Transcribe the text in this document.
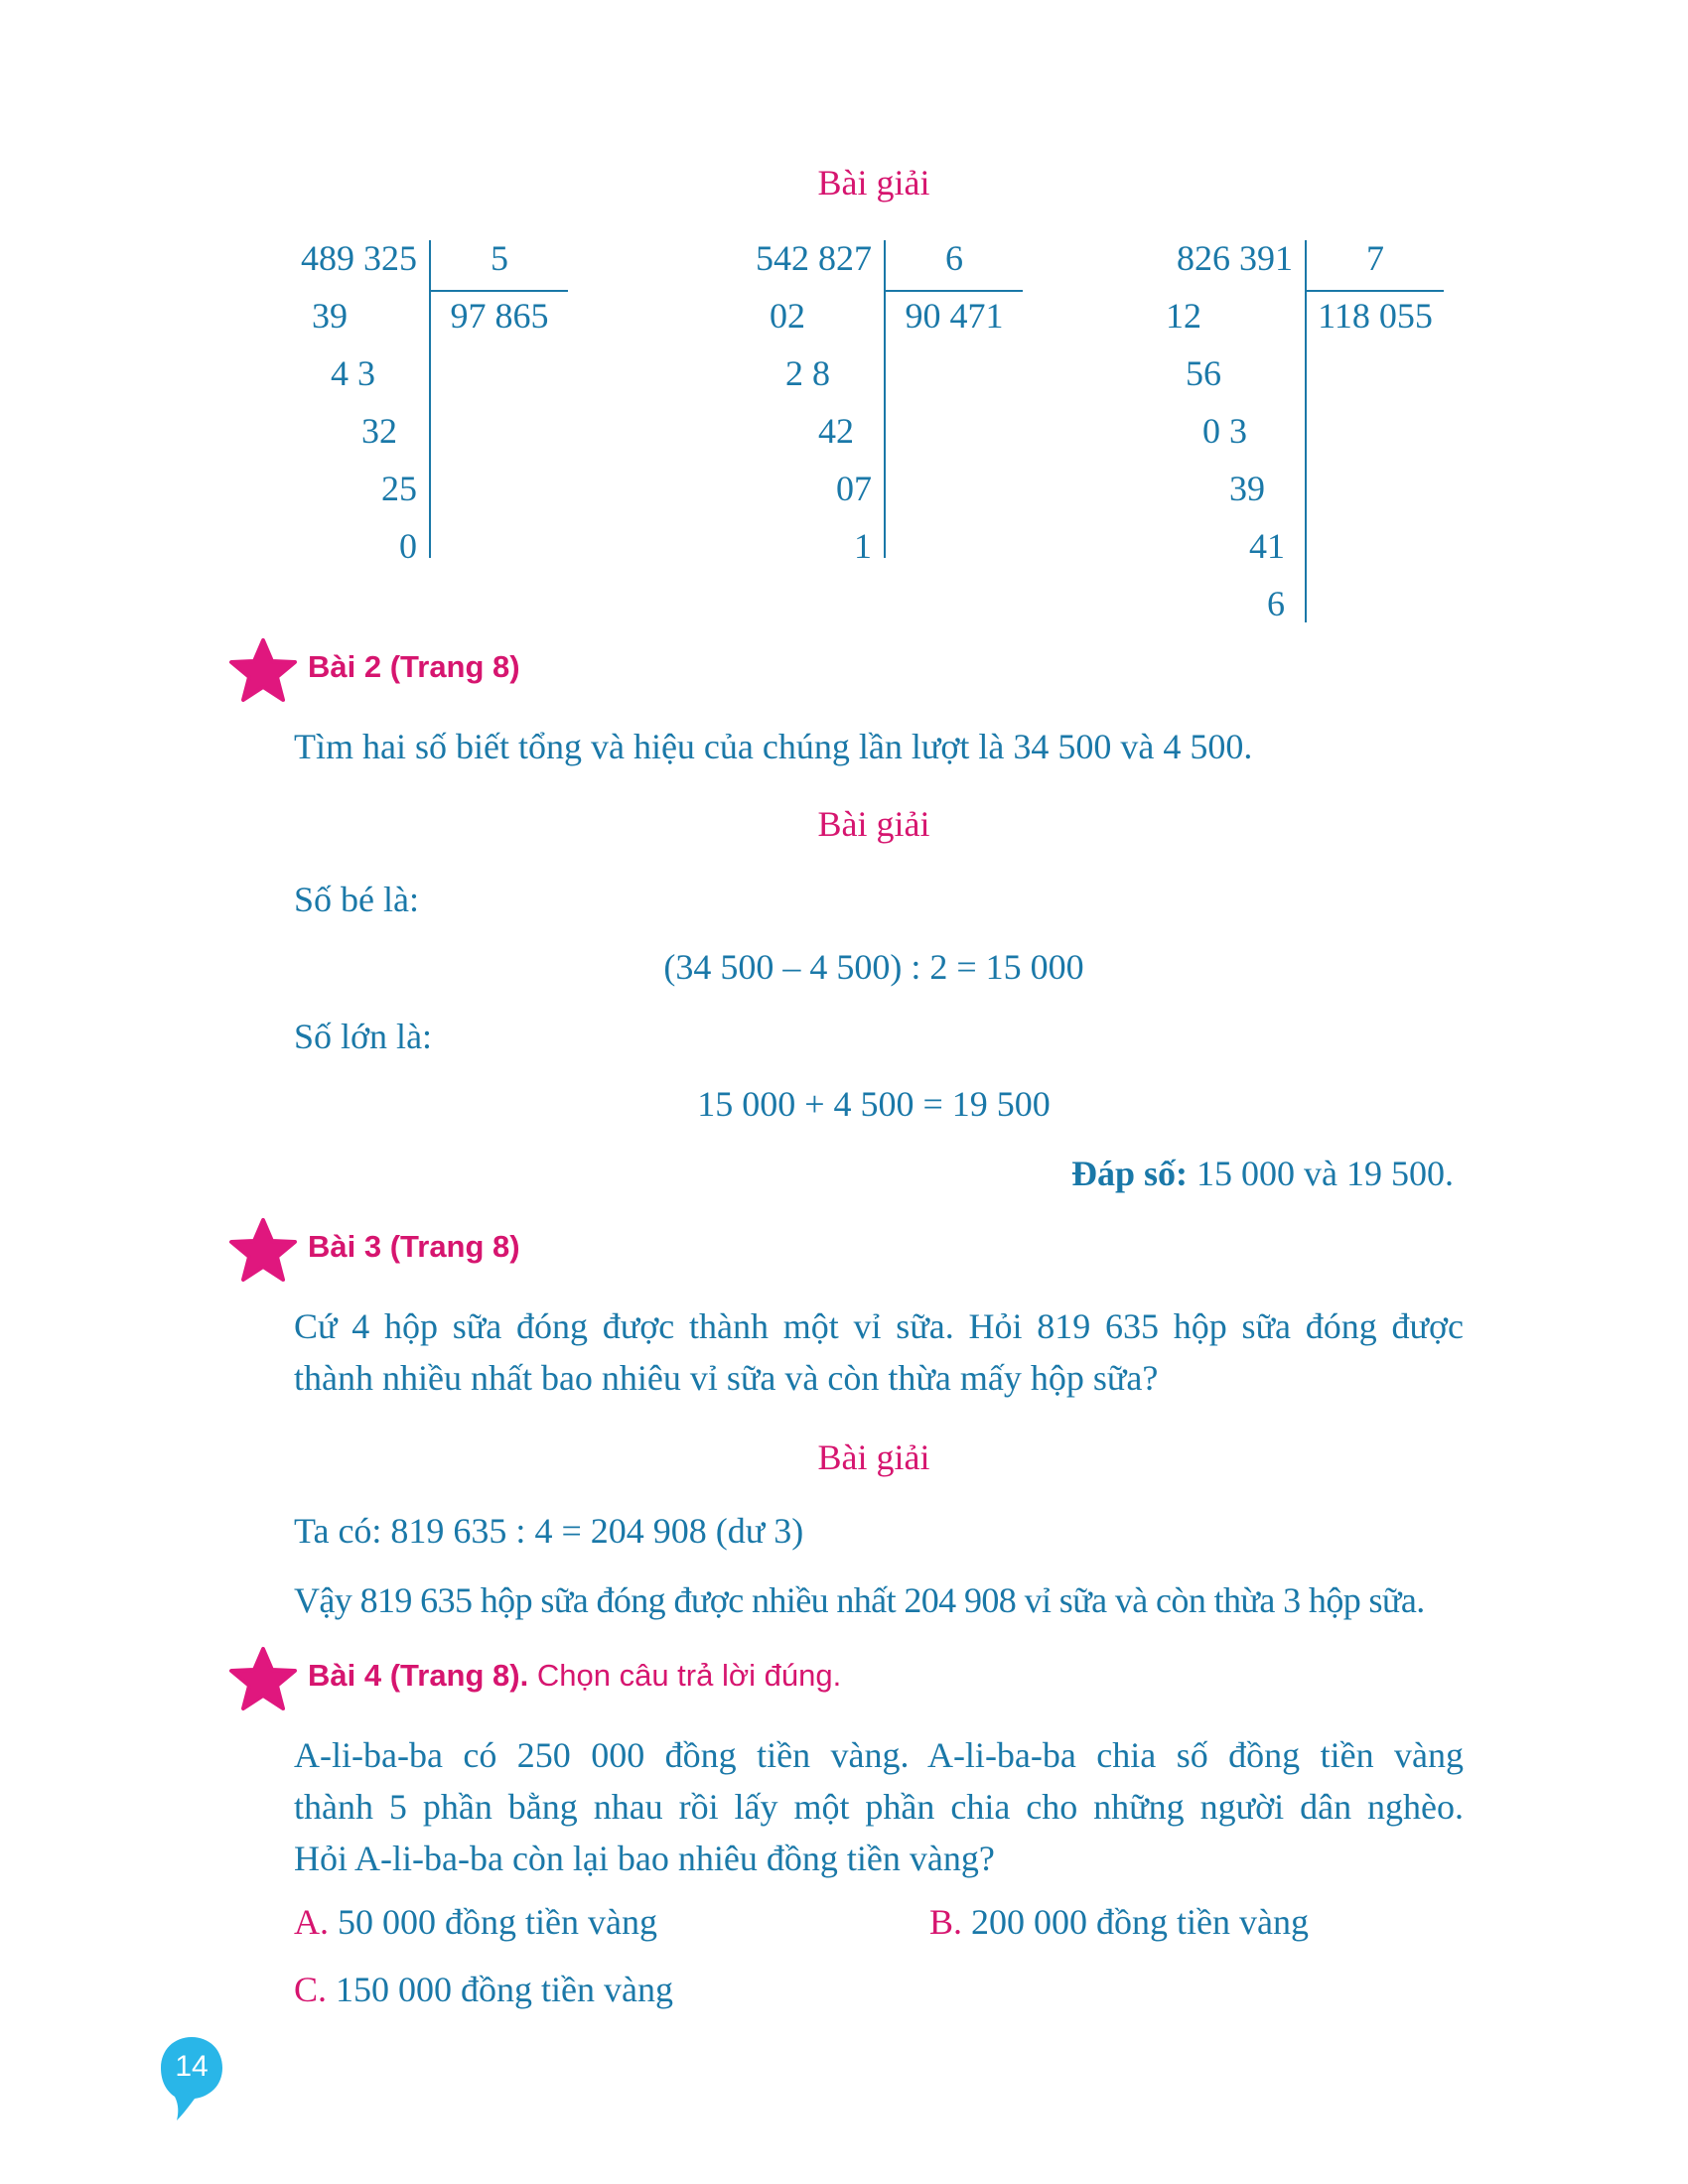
Bài giải
489 325	5
97 865
39
4 3
32
25
0
542 827	6
90 471
02
2 8
42
07
1
826 391	7
118 055
12
56
0 3
39
41
6
Bài 2 (Trang 8)
Tìm hai số biết tổng và hiệu của chúng lần lượt là 34 500 và 4 500.
Bài giải
Số bé là:
(34 500 – 4 500) : 2 = 15 000
Số lớn là:
15 000 + 4 500 = 19 500
Đáp số: 15 000 và 19 500.
Bài 3 (Trang 8)
Cứ 4 hộp sữa đóng được thành một vỉ sữa. Hỏi 819 635 hộp sữa đóng được
thành nhiều nhất bao nhiêu vỉ sữa và còn thừa mấy hộp sữa?
Bài giải
Ta có: 819 635 : 4 = 204 908 (dư 3)
Vậy 819 635 hộp sữa đóng được nhiều nhất 204 908 vỉ sữa và còn thừa 3 hộp sữa.
Bài 4 (Trang 8). Chọn câu trả lời đúng.
A-li-ba-ba có 250 000 đồng tiền vàng. A-li-ba-ba chia số đồng tiền vàng
thành 5 phần bằng nhau rồi lấy một phần chia cho những người dân nghèo.
Hỏi A-li-ba-ba còn lại bao nhiêu đồng tiền vàng?
A. 50 000 đồng tiền vàng	B. 200 000 đồng tiền vàng
C. 150 000 đồng tiền vàng
14
